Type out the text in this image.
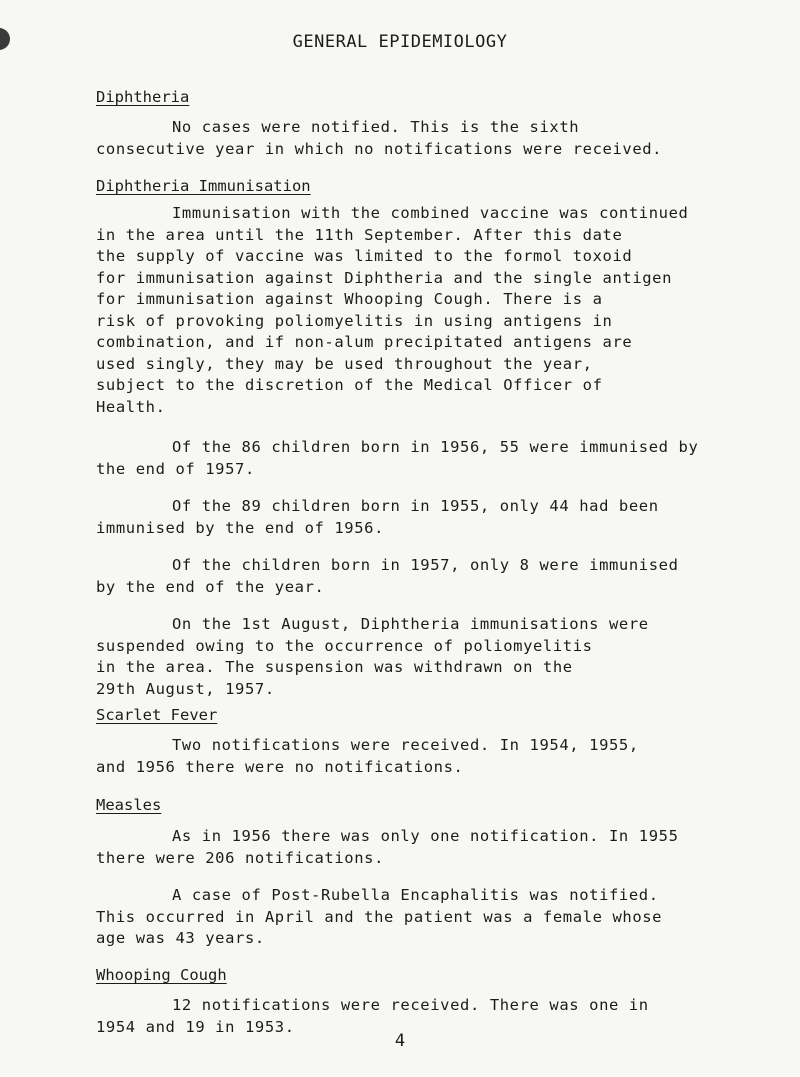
GENERAL EPIDEMIOLOGY
Diphtheria

No cases were notified. This is the sixth
consecutive year in which no notifications were received.

Diphtheria Immunisation

Immunisation with the combined vaccine was continued
in the area until the 11th September. After this date
the supply of vaccine was limited to the formol toxoid
for immunisation against Diphtheria and the single antigen
for immunisation against Whooping Cough. There is a
risk of provoking poliomyelitis in using antigens in
combination, and if non-alum precipitated antigens are
used singly, they may be used throughout the year,
subject to the discretion of the Medical Officer of
Health.

Of the 86 children born in 1956, 55 were immunised by
the end of 1957.

Of the 89 children born in 1955, only 44 had been
immunised by the end of 1956.

Of the children born in 1957, only 8 were immunised
by the end of the year.

On the 1st August, Diphtheria immunisations were
suspended owing to the occurrence of poliomyelitis
in the area. The suspension was withdrawn on the
29th August, 1957.

Scarlet Fever

Two notifications were received. In 1954, 1955,
and 1956 there were no notifications.

Measles

As in 1956 there was only one notification. In 1955
there were 206 notifications.

A case of Post-Rubella Encaphalitis was notified.
This occurred in April and the patient was a female whose
age was 43 years.

Whooping Cough

12 notifications were received. There was one in
1954 and 19 in 1953.

4
